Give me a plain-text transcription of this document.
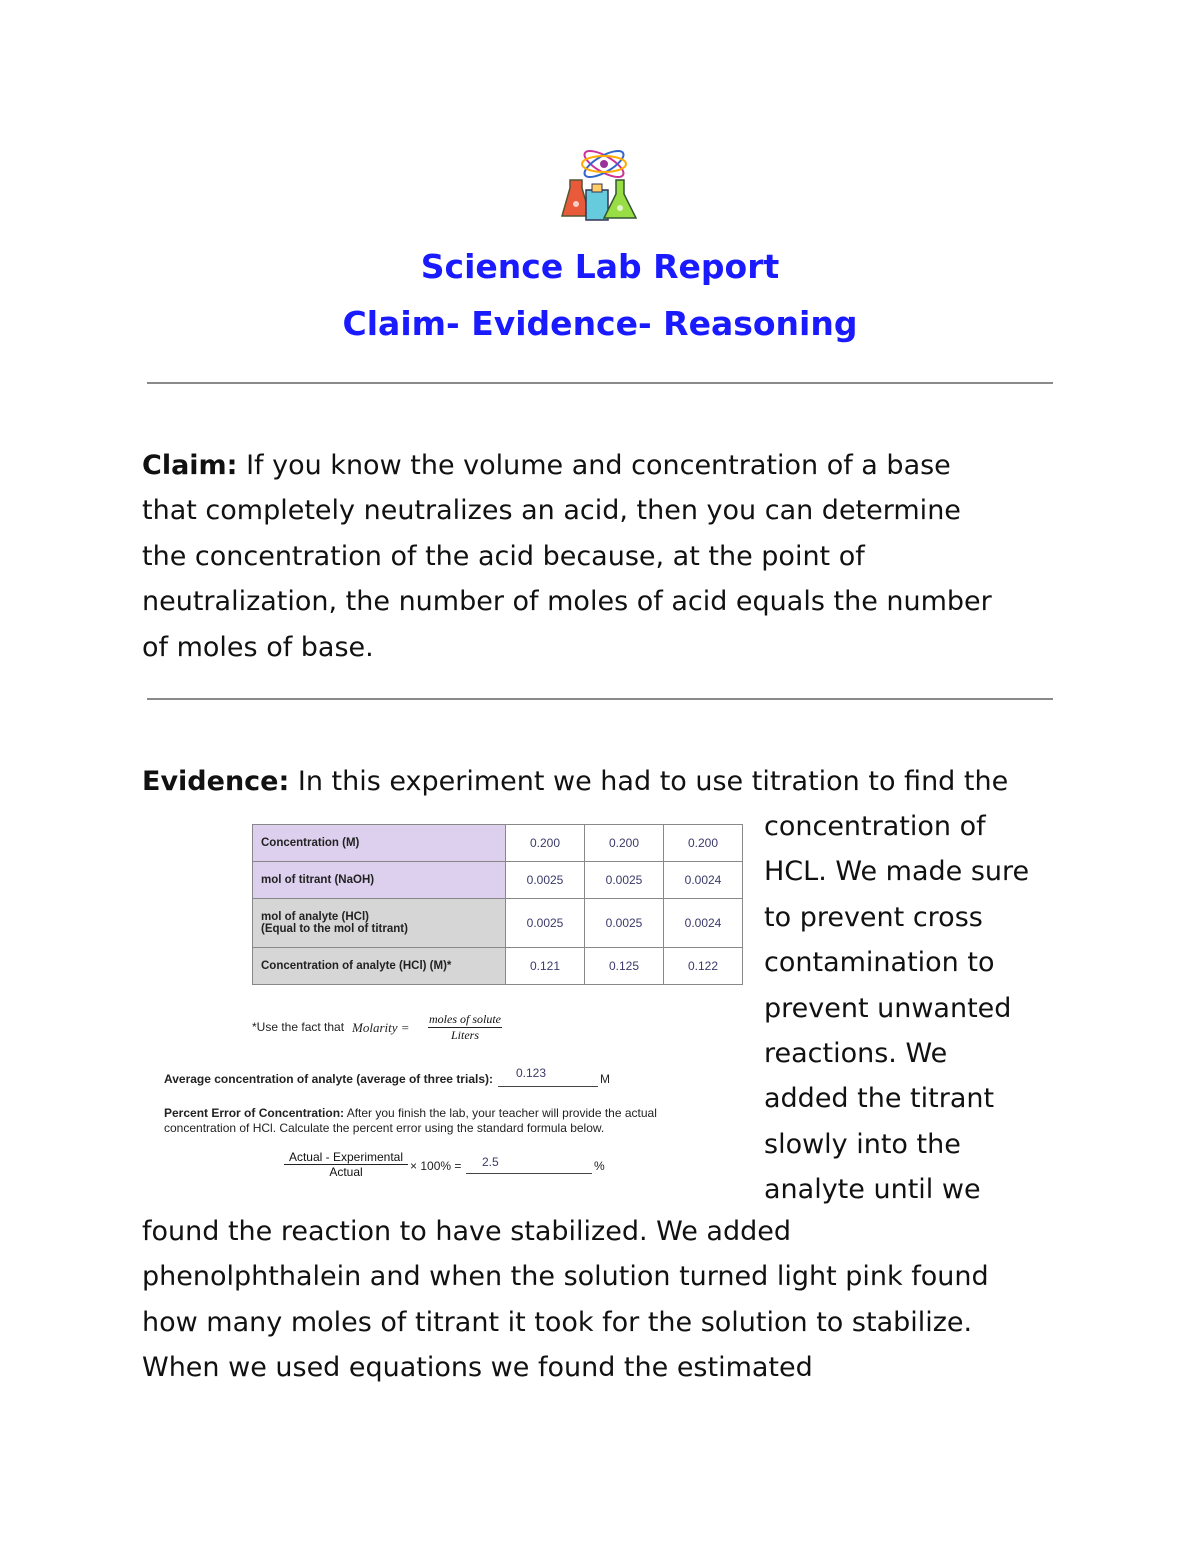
Science Lab Report
Claim- Evidence- Reasoning
Claim: If you know the volume and concentration of a base
that completely neutralizes an acid, then you can determine
the concentration of the acid because, at the point of
neutralization, the number of moles of acid equals the number
of moles of base.
Evidence: In this experiment we had to use titration to find the
concentration of
HCL. We made sure
to prevent cross
contamination to
prevent unwanted
reactions. We
added the titrant
slowly into the
analyte until we
found the reaction to have stabilized. We added
phenolphthalein and when the solution turned light pink found
how many moles of titrant it took for the solution to stabilize.
When we used equations we found the estimated
Concentration (M)	0.200	0.200	0.200
mol of titrant (NaOH)	0.0025	0.0025	0.0024

mol of analyte (HCl)
(Equal to the mol of titrant)	0.0025	0.0025	0.0024
Concentration of analyte (HCl) (M)*	0.121	0.125	0.122
*Use the fact that Molarity =
moles of solute
Liters
Average concentration of analyte (average of three trials): 0.123	M
Percent Error of Concentration: After you finish the lab, your teacher will provide the actual
concentration of HCl. Calculate the percent error using the standard formula below.
Actual - Experimental
Actual	× 100% = 2.5	%
